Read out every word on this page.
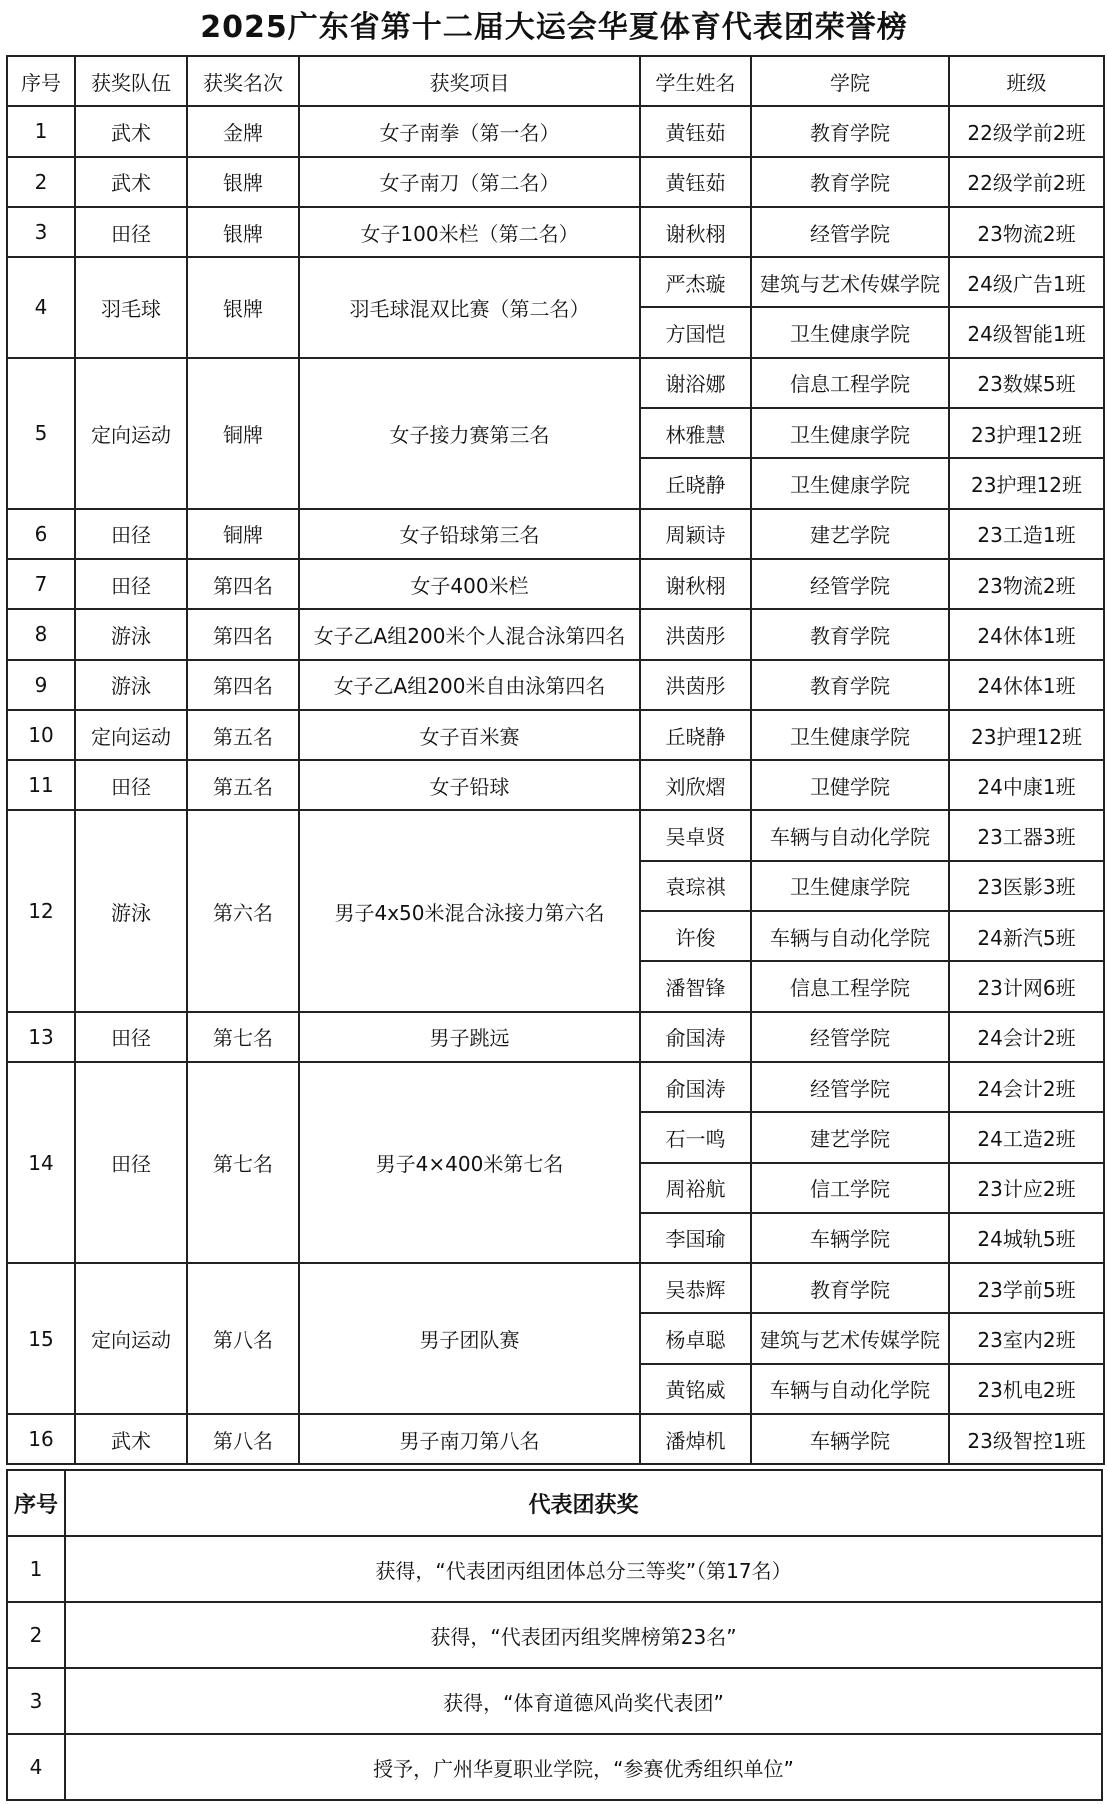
2025广东省第十二届大运会华夏体育代表团荣誉榜
序号	获奖队伍	获奖名次	获奖项目	学生姓名	学院	班级
1	武术	金牌	女子南拳（第一名）	黄钰茹	教育学院	22级学前2班
2	武术	银牌	女子南刀（第二名）	黄钰茹	教育学院	22级学前2班
3	田径	银牌	女子100米栏（第二名）	谢秋栩	经管学院	23物流2班
4	羽毛球	银牌	羽毛球混双比赛（第二名）	严杰璇	建筑与艺术传媒学院	24级广告1班
				方国恺	卫生健康学院	24级智能1班
5	定向运动	铜牌	女子接力赛第三名	谢浴娜	信息工程学院	23数媒5班
				林雅慧	卫生健康学院	23护理12班
				丘晓静	卫生健康学院	23护理12班
6	田径	铜牌	女子铅球第三名	周颖诗	建艺学院	23工造1班
7	田径	第四名	女子400米栏	谢秋栩	经管学院	23物流2班
8	游泳	第四名	女子乙A组200米个人混合泳第四名	洪茵彤	教育学院	24休体1班
9	游泳	第四名	女子乙A组200米自由泳第四名	洪茵彤	教育学院	24休体1班
10	定向运动	第五名	女子百米赛	丘晓静	卫生健康学院	23护理12班
11	田径	第五名	女子铅球	刘欣熠	卫健学院	24中康1班
12	游泳	第六名	男子4x50米混合泳接力第六名	吴卓贤	车辆与自动化学院	23工器3班
				袁琮祺	卫生健康学院	23医影3班
				许俊	车辆与自动化学院	24新汽5班
				潘智锋	信息工程学院	23计网6班
13	田径	第七名	男子跳远	俞国涛	经管学院	24会计2班
14	田径	第七名	男子4×400米第七名	俞国涛	经管学院	24会计2班
				石一鸣	建艺学院	24工造2班
				周裕航	信工学院	23计应2班
				李国瑜	车辆学院	24城轨5班
15	定向运动	第八名	男子团队赛	吴恭辉	教育学院	23学前5班
				杨卓聪	建筑与艺术传媒学院	23室内2班
				黄铭威	车辆与自动化学院	23机电2班
16	武术	第八名	男子南刀第八名	潘焯机	车辆学院	23级智控1班
序号	代表团获奖
1	获得，“代表团丙组团体总分三等奖”（第17名）
2	获得，“代表团丙组奖牌榜第23名”
3	获得，“体育道德风尚奖代表团”
4	授予，广州华夏职业学院，“参赛优秀组织单位”
